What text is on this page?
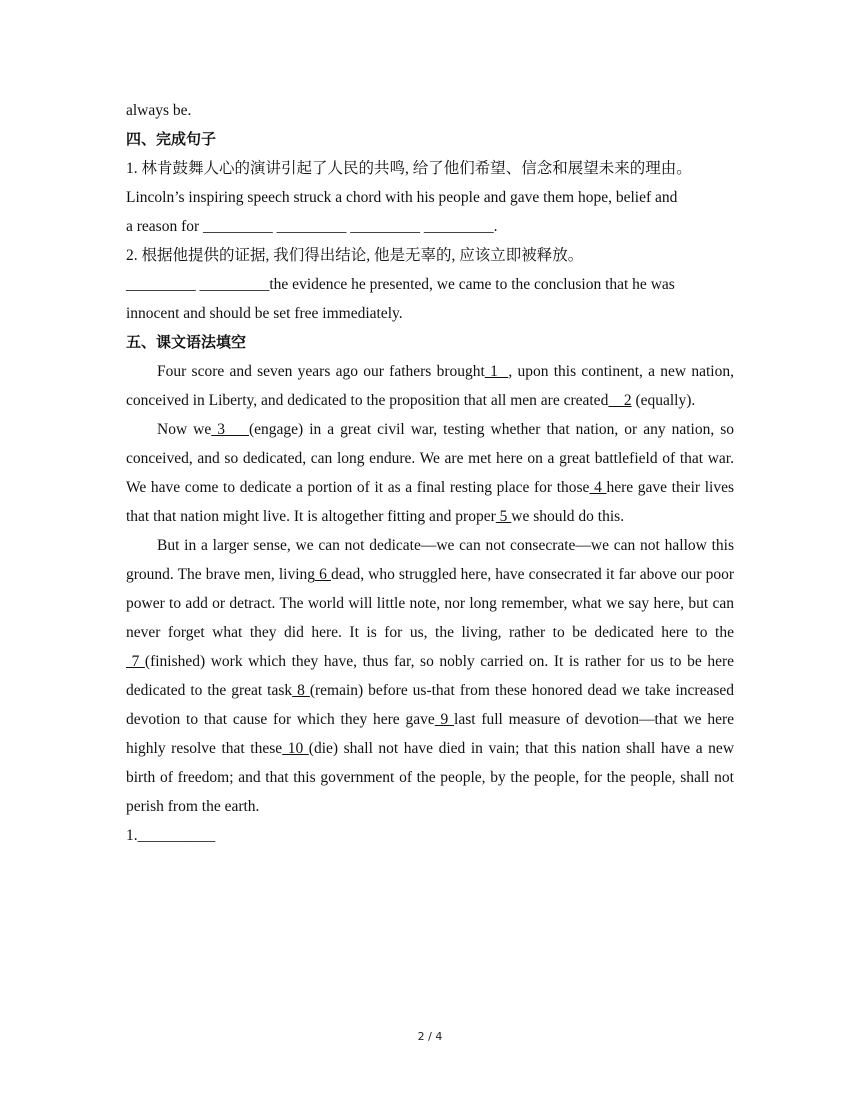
always be.
四、完成句子
1. 林肯鼓舞人心的演讲引起了人民的共鸣, 给了他们希望、信念和展望未来的理由。
Lincoln’s inspiring speech struck a chord with his people and gave them hope, belief and
a reason for _________ _________ _________ _________.
2. 根据他提供的证据, 我们得出结论, 他是无辜的, 应该立即被释放。
_________ _________the evidence he presented, we came to the conclusion that he was
innocent and should be set free immediately.
五、课文语法填空
Four score and seven years ago our fathers brought 1  , upon this continent, a new nation, conceived in Liberty, and dedicated to the proposition that all men are created    2 (equally).
Now we 3    (engage) in a great civil war, testing whether that nation, or any nation, so conceived, and so dedicated, can long endure. We are met here on a great battlefield of that war. We have come to dedicate a portion of it as a final resting place for those 4 here gave their lives that that nation might live. It is altogether fitting and proper 5 we should do this.
But in a larger sense, we can not dedicate—we can not consecrate—we can not hallow this ground. The brave men, living 6 dead, who struggled here, have consecrated it far above our poor power to add or detract. The world will little note, nor long remember, what we say here, but can never forget what they did here. It is for us, the living, rather to be dedicated here to the 7 (finished) work which they have, thus far, so nobly carried on. It is rather for us to be here dedicated to the great task 8 (remain) before us-that from these honored dead we take increased devotion to that cause for which they here gave 9 last full measure of devotion—that we here highly resolve that these 10 (die) shall not have died in vain; that this nation shall have a new birth of freedom; and that this government of the people, by the people, for the people, shall not perish from the earth.
1.__________
2 / 4
